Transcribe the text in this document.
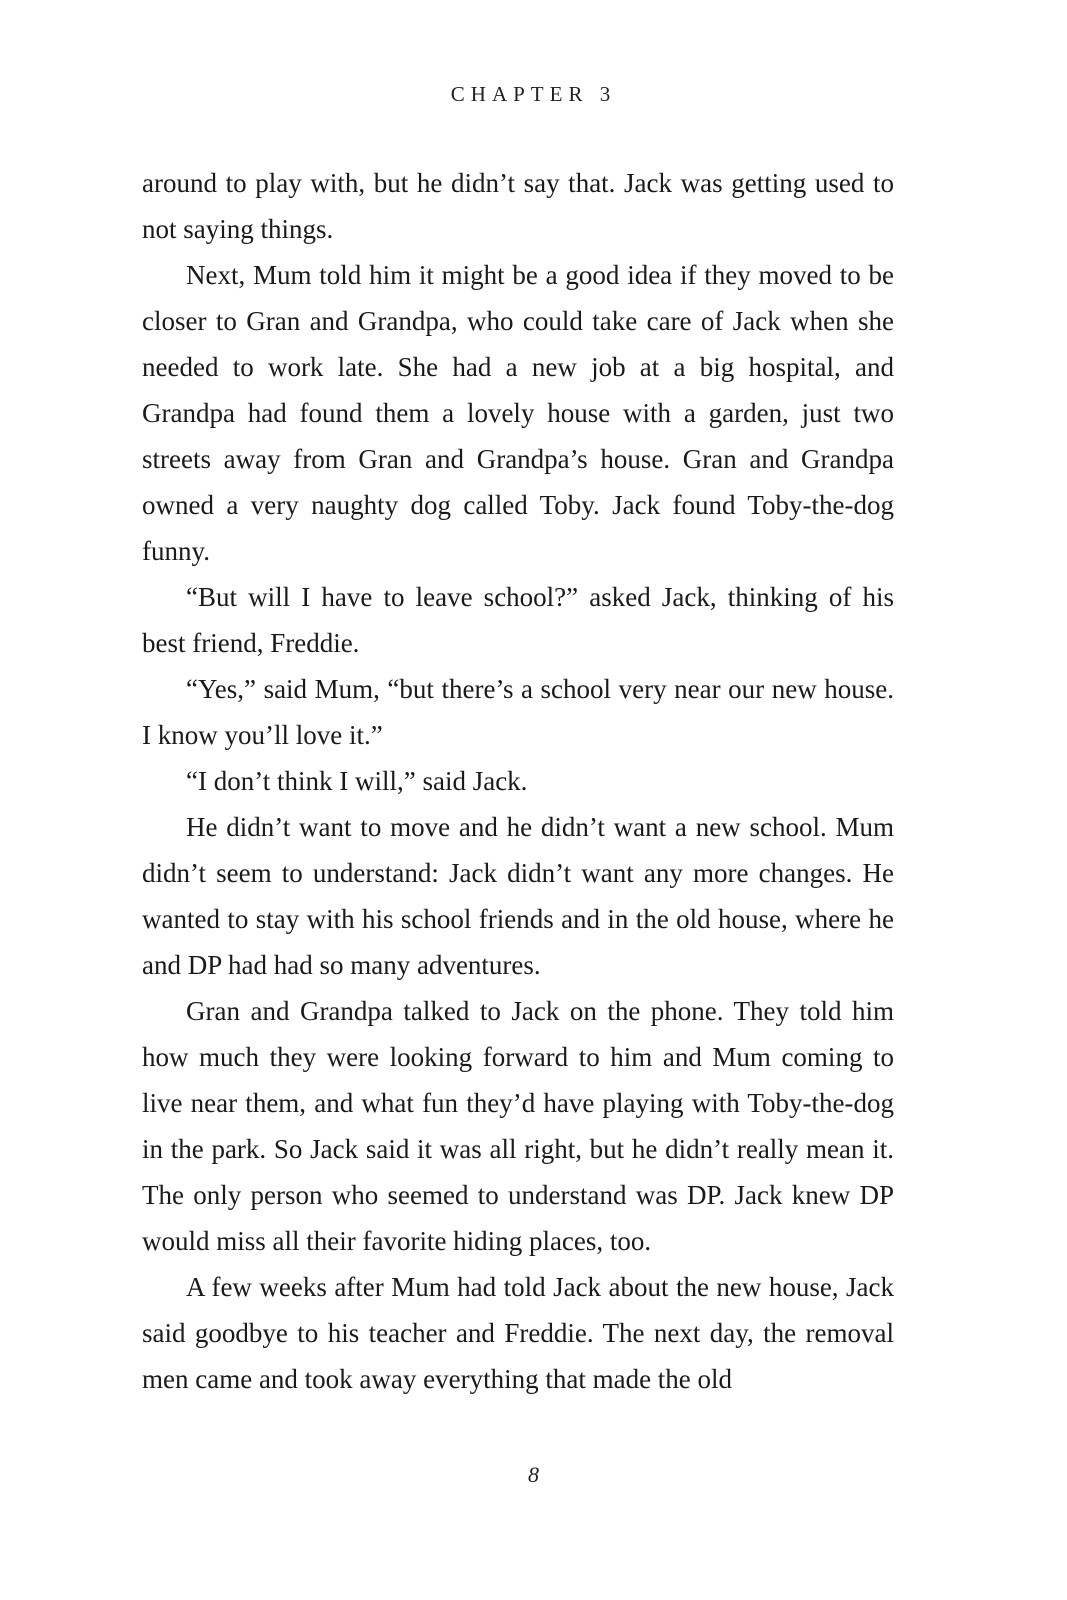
CHAPTER 3

around to play with, but he didn’t say that. Jack was getting used to not saying things.

Next, Mum told him it might be a good idea if they moved to be closer to Gran and Grandpa, who could take care of Jack when she needed to work late. She had a new job at a big hospital, and Grandpa had found them a lovely house with a garden, just two streets away from Gran and Grandpa’s house. Gran and Grandpa owned a very naughty dog called Toby. Jack found Toby-the-dog funny.

“But will I have to leave school?” asked Jack, thinking of his best friend, Freddie.

“Yes,” said Mum, “but there’s a school very near our new house. I know you’ll love it.”

“I don’t think I will,” said Jack.

He didn’t want to move and he didn’t want a new school. Mum didn’t seem to understand: Jack didn’t want any more changes. He wanted to stay with his school friends and in the old house, where he and DP had had so many adventures.

Gran and Grandpa talked to Jack on the phone. They told him how much they were looking forward to him and Mum coming to live near them, and what fun they’d have playing with Toby-the-dog in the park. So Jack said it was all right, but he didn’t really mean it. The only person who seemed to understand was DP. Jack knew DP would miss all their favorite hiding places, too.

A few weeks after Mum had told Jack about the new house, Jack said goodbye to his teacher and Freddie. The next day, the removal men came and took away everything that made the old

8
